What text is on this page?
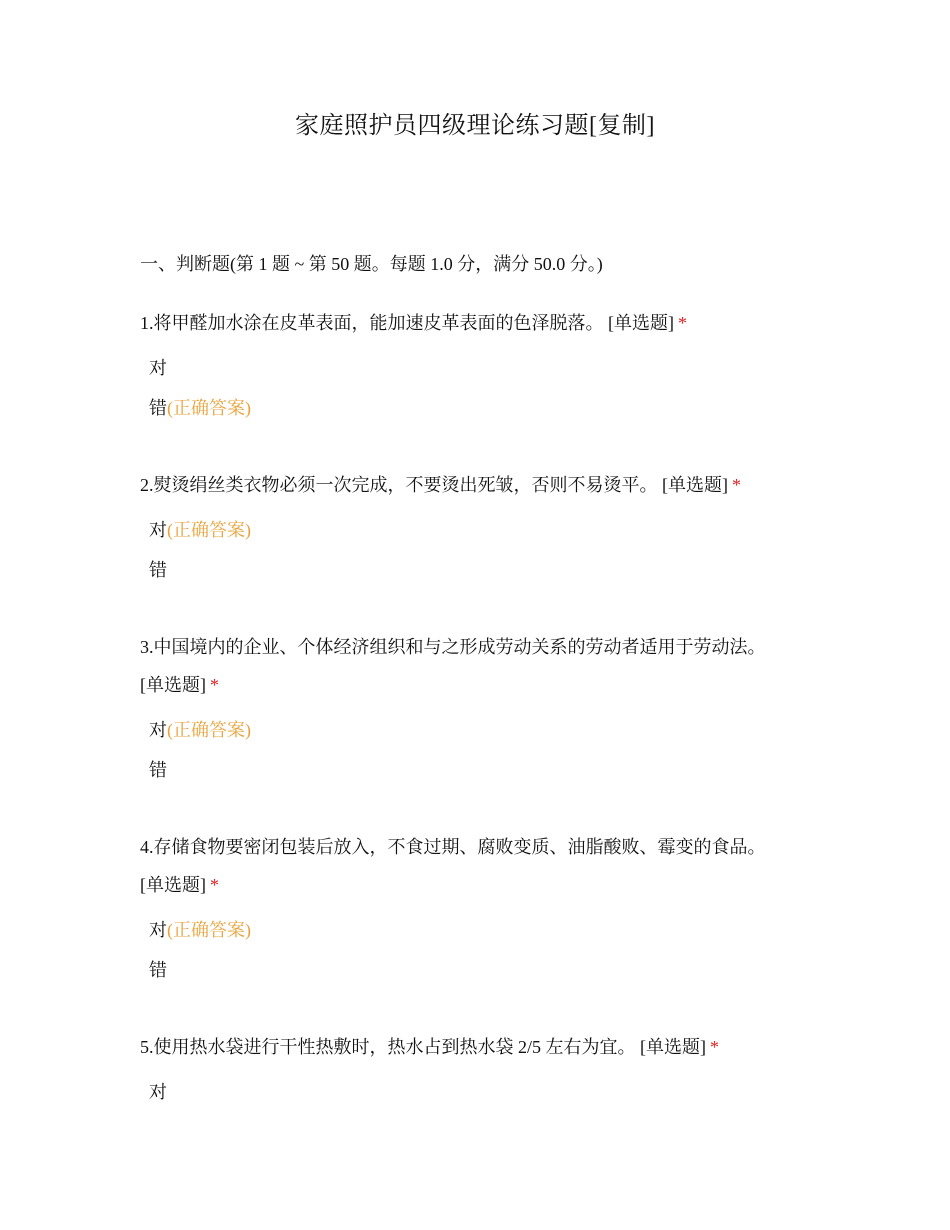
家庭照护员四级理论练习题[复制]
一、判断题(第 1 题 ~ 第 50 题。每题 1.0 分，满分 50.0 分。)
1.将甲醛加水涂在皮革表面，能加速皮革表面的色泽脱落。 [单选题] *
对
错(正确答案)
2.熨烫绢丝类衣物必须一次完成，不要烫出死皱，否则不易烫平。 [单选题] *
对(正确答案)
错
3.中国境内的企业、个体经济组织和与之形成劳动关系的劳动者适用于劳动法。 [单选题] *
对(正确答案)
错
4.存储食物要密闭包装后放入，不食过期、腐败变质、油脂酸败、霉变的食品。 [单选题] *
对(正确答案)
错
5.使用热水袋进行干性热敷时，热水占到热水袋 2/5 左右为宜。 [单选题] *
对
